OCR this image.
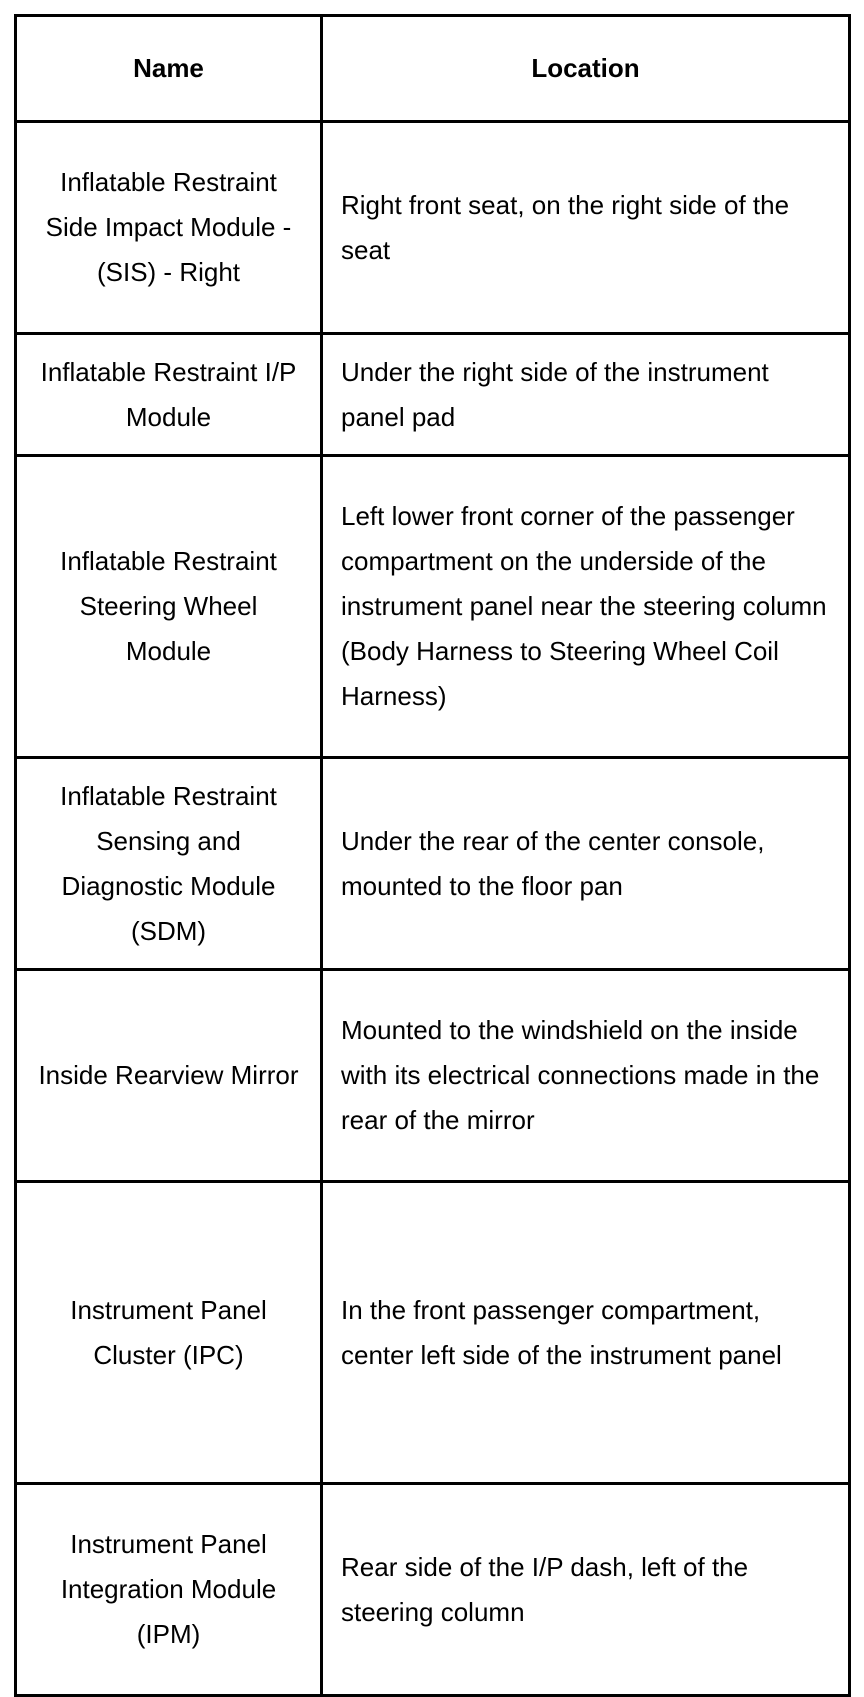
Name	Location
Inflatable Restraint Side Impact Module - (SIS) - Right	Right front seat, on the right side of the seat
Inflatable Restraint I/P Module	Under the right side of the instrument panel pad
Inflatable Restraint Steering Wheel Module	Left lower front corner of the passenger compartment on the underside of the instrument panel near the steering column (Body Harness to Steering Wheel Coil Harness)
Inflatable Restraint Sensing and Diagnostic Module (SDM)	Under the rear of the center console, mounted to the floor pan
Inside Rearview Mirror	Mounted to the windshield on the inside with its electrical connections made in the rear of the mirror
Instrument Panel Cluster (IPC)	In the front passenger compartment, center left side of the instrument panel
Instrument Panel Integration Module (IPM)	Rear side of the I/P dash, left of the steering column
